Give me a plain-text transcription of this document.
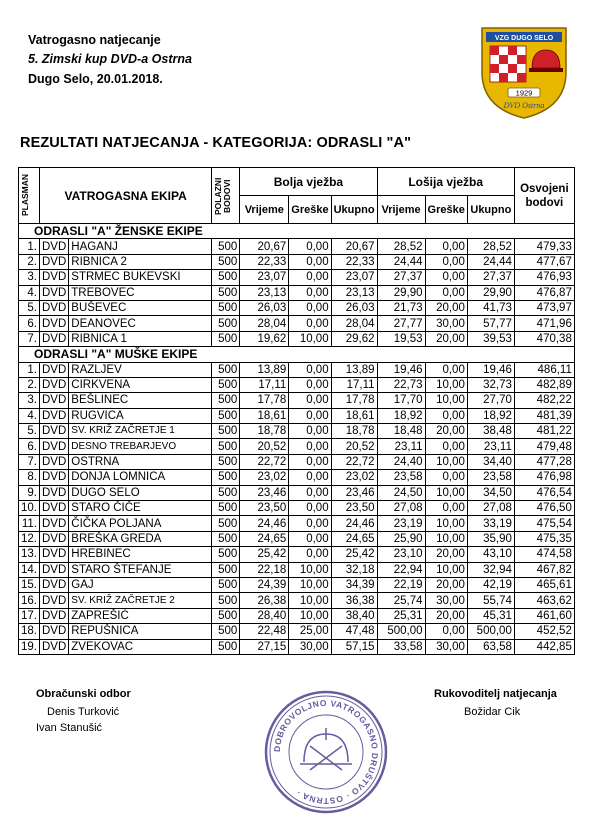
Vatrogasno natjecanje
5. Zimski kup DVD-a Ostrna
Dugo Selo, 20.01.2018.
VZG DUGO SELO
1929
DVD Ostrna
REZULTATI NATJECANJA - KATEGORIJA: ODRASLI "A"
PLASMAN	VATROGASNA EKIPA		POLAZNI BODOVI	Bolja vježba			Lošija vježba			Osvojeni bodovi
				Vrijeme	Greške	Ukupno	Vrijeme	Greške	Ukupno	
ODRASLI "A" ŽENSKE EKIPE										
1.	DVD	HAGANJ	500	20,67	0,00	20,67	28,52	0,00	28,52	479,33
2.	DVD	RIBNICA 2	500	22,33	0,00	22,33	24,44	0,00	24,44	477,67
3.	DVD	STRMEC BUKEVSKI	500	23,07	0,00	23,07	27,37	0,00	27,37	476,93
4.	DVD	TREBOVEC	500	23,13	0,00	23,13	29,90	0,00	29,90	476,87
5.	DVD	BUŠEVEC	500	26,03	0,00	26,03	21,73	20,00	41,73	473,97
6.	DVD	DEANOVEC	500	28,04	0,00	28,04	27,77	30,00	57,77	471,96
7.	DVD	RIBNICA 1	500	19,62	10,00	29,62	19,53	20,00	39,53	470,38
ODRASLI "A" MUŠKE EKIPE										
1.	DVD	RAZLJEV	500	13,89	0,00	13,89	19,46	0,00	19,46	486,11
2.	DVD	CIRKVENA	500	17,11	0,00	17,11	22,73	10,00	32,73	482,89
3.	DVD	BEŠLINEC	500	17,78	0,00	17,78	17,70	10,00	27,70	482,22
4.	DVD	RUGVICA	500	18,61	0,00	18,61	18,92	0,00	18,92	481,39
5.	DVD	SV. KRIŽ ZAČRETJE 1	500	18,78	0,00	18,78	18,48	20,00	38,48	481,22
6.	DVD	DESNO TREBARJEVO	500	20,52	0,00	20,52	23,11	0,00	23,11	479,48
7.	DVD	OSTRNA	500	22,72	0,00	22,72	24,40	10,00	34,40	477,28
8.	DVD	DONJA LOMNICA	500	23,02	0,00	23,02	23,58	0,00	23,58	476,98
9.	DVD	DUGO SELO	500	23,46	0,00	23,46	24,50	10,00	34,50	476,54
10.	DVD	STARO ČIČE	500	23,50	0,00	23,50	27,08	0,00	27,08	476,50
11.	DVD	ČIČKA POLJANA	500	24,46	0,00	24,46	23,19	10,00	33,19	475,54
12.	DVD	BREŠKA GREDA	500	24,65	0,00	24,65	25,90	10,00	35,90	475,35
13.	DVD	HREBINEC	500	25,42	0,00	25,42	23,10	20,00	43,10	474,58
14.	DVD	STARO ŠTEFANJE	500	22,18	10,00	32,18	22,94	10,00	32,94	467,82
15.	DVD	GAJ	500	24,39	10,00	34,39	22,19	20,00	42,19	465,61
16.	DVD	SV. KRIŽ ZAČRETJE 2	500	26,38	10,00	36,38	25,74	30,00	55,74	463,62
17.	DVD	ZAPREŠIĆ	500	28,40	10,00	38,40	25,31	20,00	45,31	461,60
18.	DVD	REPUŠNICA	500	22,48	25,00	47,48	500,00	0,00	500,00	452,52
19.	DVD	ZVEKOVAC	500	27,15	30,00	57,15	33,58	30,00	63,58	442,85
Obračunski odbor
Denis Turković
Ivan Stanušić
Rukovoditelj natjecanja
Božidar Cik
DOBROVOLJNO VATROGASNO DRUŠTVO · OSTRNA ·
